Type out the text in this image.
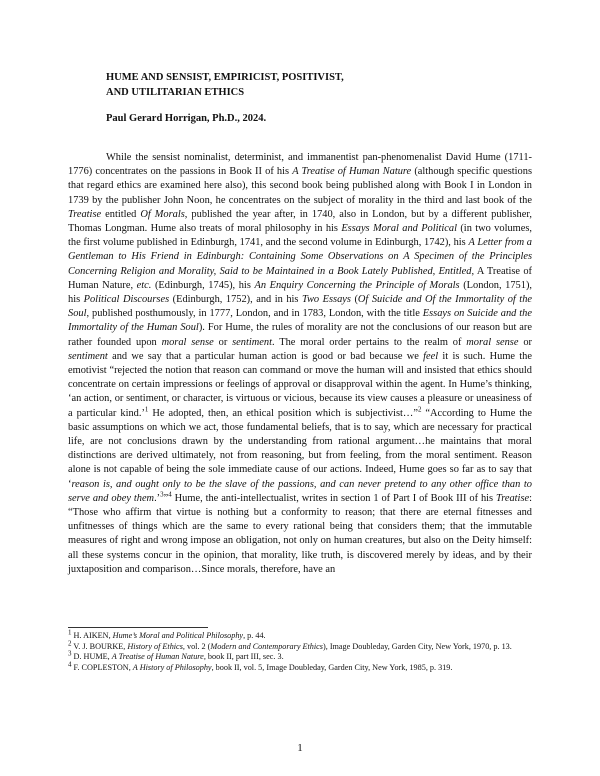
HUME AND SENSIST, EMPIRICIST, POSITIVIST,
AND UTILITARIAN ETHICS
Paul Gerard Horrigan, Ph.D., 2024.

While the sensist nominalist, determinist, and immanentist pan-phenomenalist David Hume (1711-1776) concentrates on the passions in Book II of his A Treatise of Human Nature (although specific questions that regard ethics are examined here also), this second book being published along with Book I in London in 1739 by the publisher John Noon, he concentrates on the subject of morality in the third and last book of the Treatise entitled Of Morals, published the year after, in 1740, also in London, but by a different publisher, Thomas Longman. Hume also treats of moral philosophy in his Essays Moral and Political (in two volumes, the first volume published in Edinburgh, 1741, and the second volume in Edinburgh, 1742), his A Letter from a Gentleman to His Friend in Edinburgh: Containing Some Observations on A Specimen of the Principles Concerning Religion and Morality, Said to be Maintained in a Book Lately Published, Entitled, A Treatise of Human Nature, etc. (Edinburgh, 1745), his An Enquiry Concerning the Principle of Morals (London, 1751), his Political Discourses (Edinburgh, 1752), and in his Two Essays (Of Suicide and Of the Immortality of the Soul, published posthumously, in 1777, London, and in 1783, London, with the title Essays on Suicide and the Immortality of the Human Soul). For Hume, the rules of morality are not the conclusions of our reason but are rather founded upon moral sense or sentiment. The moral order pertains to the realm of moral sense or sentiment and we say that a particular human action is good or bad because we feel it is such. Hume the emotivist “rejected the notion that reason can command or move the human will and insisted that ethics should concentrate on certain impressions or feelings of approval or disapproval within the agent. In Hume’s thinking, ‘an action, or sentiment, or character, is virtuous or vicious, because its view causes a pleasure or uneasiness of a particular kind.’$^1$ He adopted, then, an ethical position which is subjectivist…”$^2$ “According to Hume the basic assumptions on which we act, those fundamental beliefs, that is to say, which are necessary for practical life, are not conclusions drawn by the understanding from rational argument…he maintains that moral distinctions are derived ultimately, not from reasoning, but from feeling, from the moral sentiment. Reason alone is not capable of being the sole immediate cause of our actions. Indeed, Hume goes so far as to say that ‘reason is, and ought only to be the slave of the passions, and can never pretend to any other office than to serve and obey them.’$^3$”$^4$ Hume, the anti-intellectualist, writes in section 1 of Part I of Book III of his Treatise: “Those who affirm that virtue is nothing but a conformity to reason; that there are eternal fitnesses and unfitnesses of things which are the same to every rational being that considers them; that the immutable measures of right and wrong impose an obligation, not only on human creatures, but also on the Deity himself: all these systems concur in the opinion, that morality, like truth, is discovered merely by ideas, and by their juxtaposition and comparison…Since morals, therefore, have an

$^1$ H. AIKEN, Hume’s Moral and Political Philosophy, p. 44.

$^2$ V. J. BOURKE, History of Ethics, vol. 2 (Modern and Contemporary Ethics), Image Doubleday, Garden City, New York, 1970, p. 13.

$^3$ D. HUME, A Treatise of Human Nature, book II, part III, sec. 3.

$^4$ F. COPLESTON, A History of Philosophy, book II, vol. 5, Image Doubleday, Garden City, New York, 1985, p. 319.

1
